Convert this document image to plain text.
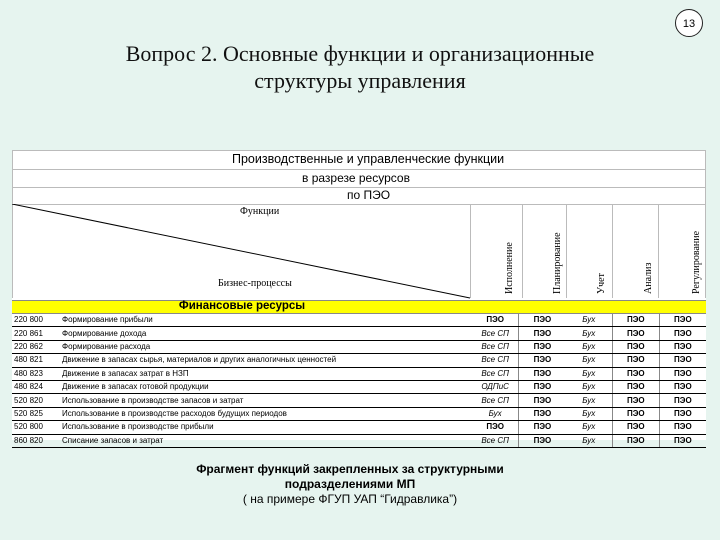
13
Вопрос 2. Основные функции и организационные
структуры управления
Производственные и управленческие функции
в разрезе ресурсов
по ПЭО
Функции
Бизнес-процессы	Исполнение	Планирование	Учет	Анализ	Регулирование
Финансовые ресурсы
220 800	Формирование прибыли	ПЭО	ПЭО	Бух	ПЭО	ПЭО
220 861	Формирование дохода	Все СП	ПЭО	Бух	ПЭО	ПЭО
220 862	Формирование расхода	Все СП	ПЭО	Бух	ПЭО	ПЭО
480 821	Движение в запасах сырья, материалов и других аналогичных ценностей	Все СП	ПЭО	Бух	ПЭО	ПЭО
480 823	Движение в запасах затрат в НЗП	Все СП	ПЭО	Бух	ПЭО	ПЭО
480 824	Движение в запасах готовой продукции	ОДПиС	ПЭО	Бух	ПЭО	ПЭО
520 820	Использование в производстве запасов и затрат	Все СП	ПЭО	Бух	ПЭО	ПЭО
520 825	Использование в производстве расходов будущих периодов	Бух	ПЭО	Бух	ПЭО	ПЭО
520 800	Использование в производстве прибыли	ПЭО	ПЭО	Бух	ПЭО	ПЭО
860 820	Списание запасов и затрат	Все СП	ПЭО	Бух	ПЭО	ПЭО
Фрагмент функций закрепленных за структурными
подразделениями МП
( на примере ФГУП УАП “Гидравлика”)
